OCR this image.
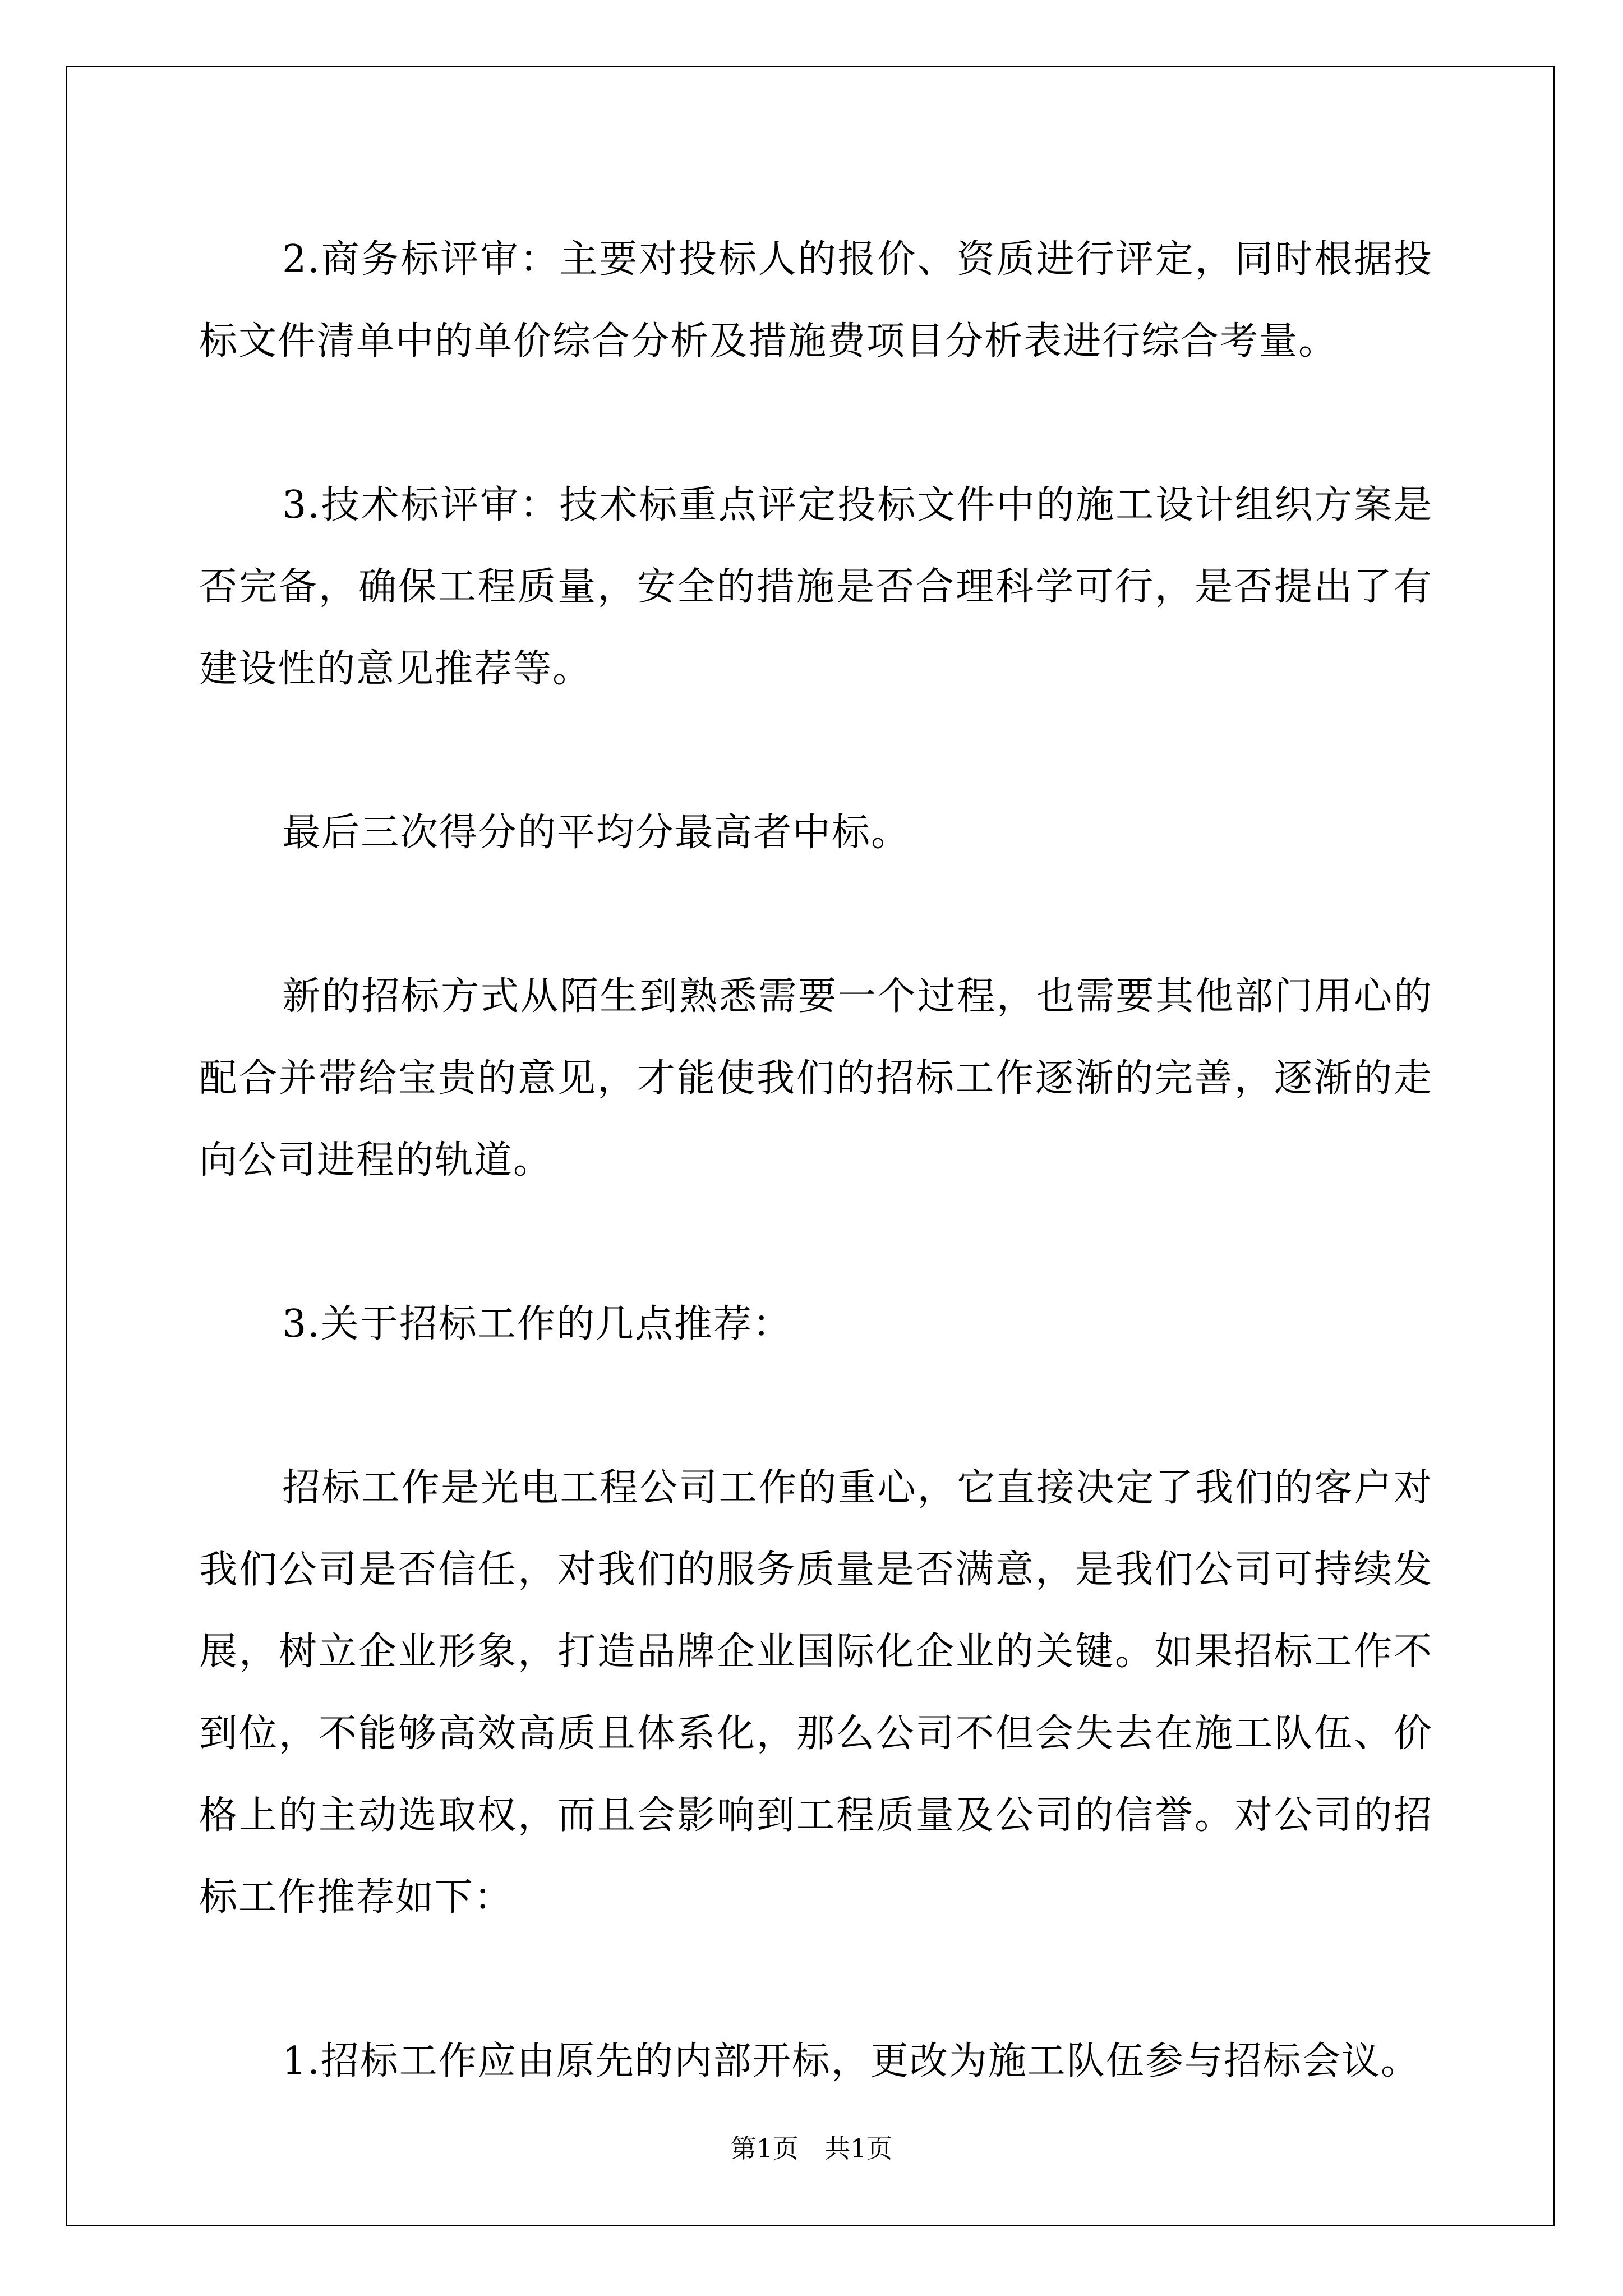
2.商务标评审：主要对投标人的报价、资质进行评定，同时根据投标文件清单中的单价综合分析及措施费项目分析表进行综合考量。

3.技术标评审：技术标重点评定投标文件中的施工设计组织方案是否完备，确保工程质量，安全的措施是否合理科学可行，是否提出了有建设性的意见推荐等。

最后三次得分的平均分最高者中标。

新的招标方式从陌生到熟悉需要一个过程，也需要其他部门用心的配合并带给宝贵的意见，才能使我们的招标工作逐渐的完善，逐渐的走向公司进程的轨道。

3.关于招标工作的几点推荐：

招标工作是光电工程公司工作的重心，它直接决定了我们的客户对我们公司是否信任，对我们的服务质量是否满意，是我们公司可持续发展，树立企业形象，打造品牌企业国际化企业的关键。如果招标工作不到位，不能够高效高质且体系化，那么公司不但会失去在施工队伍、价格上的主动选取权，而且会影响到工程质量及公司的信誉。对公司的招标工作推荐如下：

1.招标工作应由原先的内部开标，更改为施工队伍参与招标会议。

第1页　共1页
